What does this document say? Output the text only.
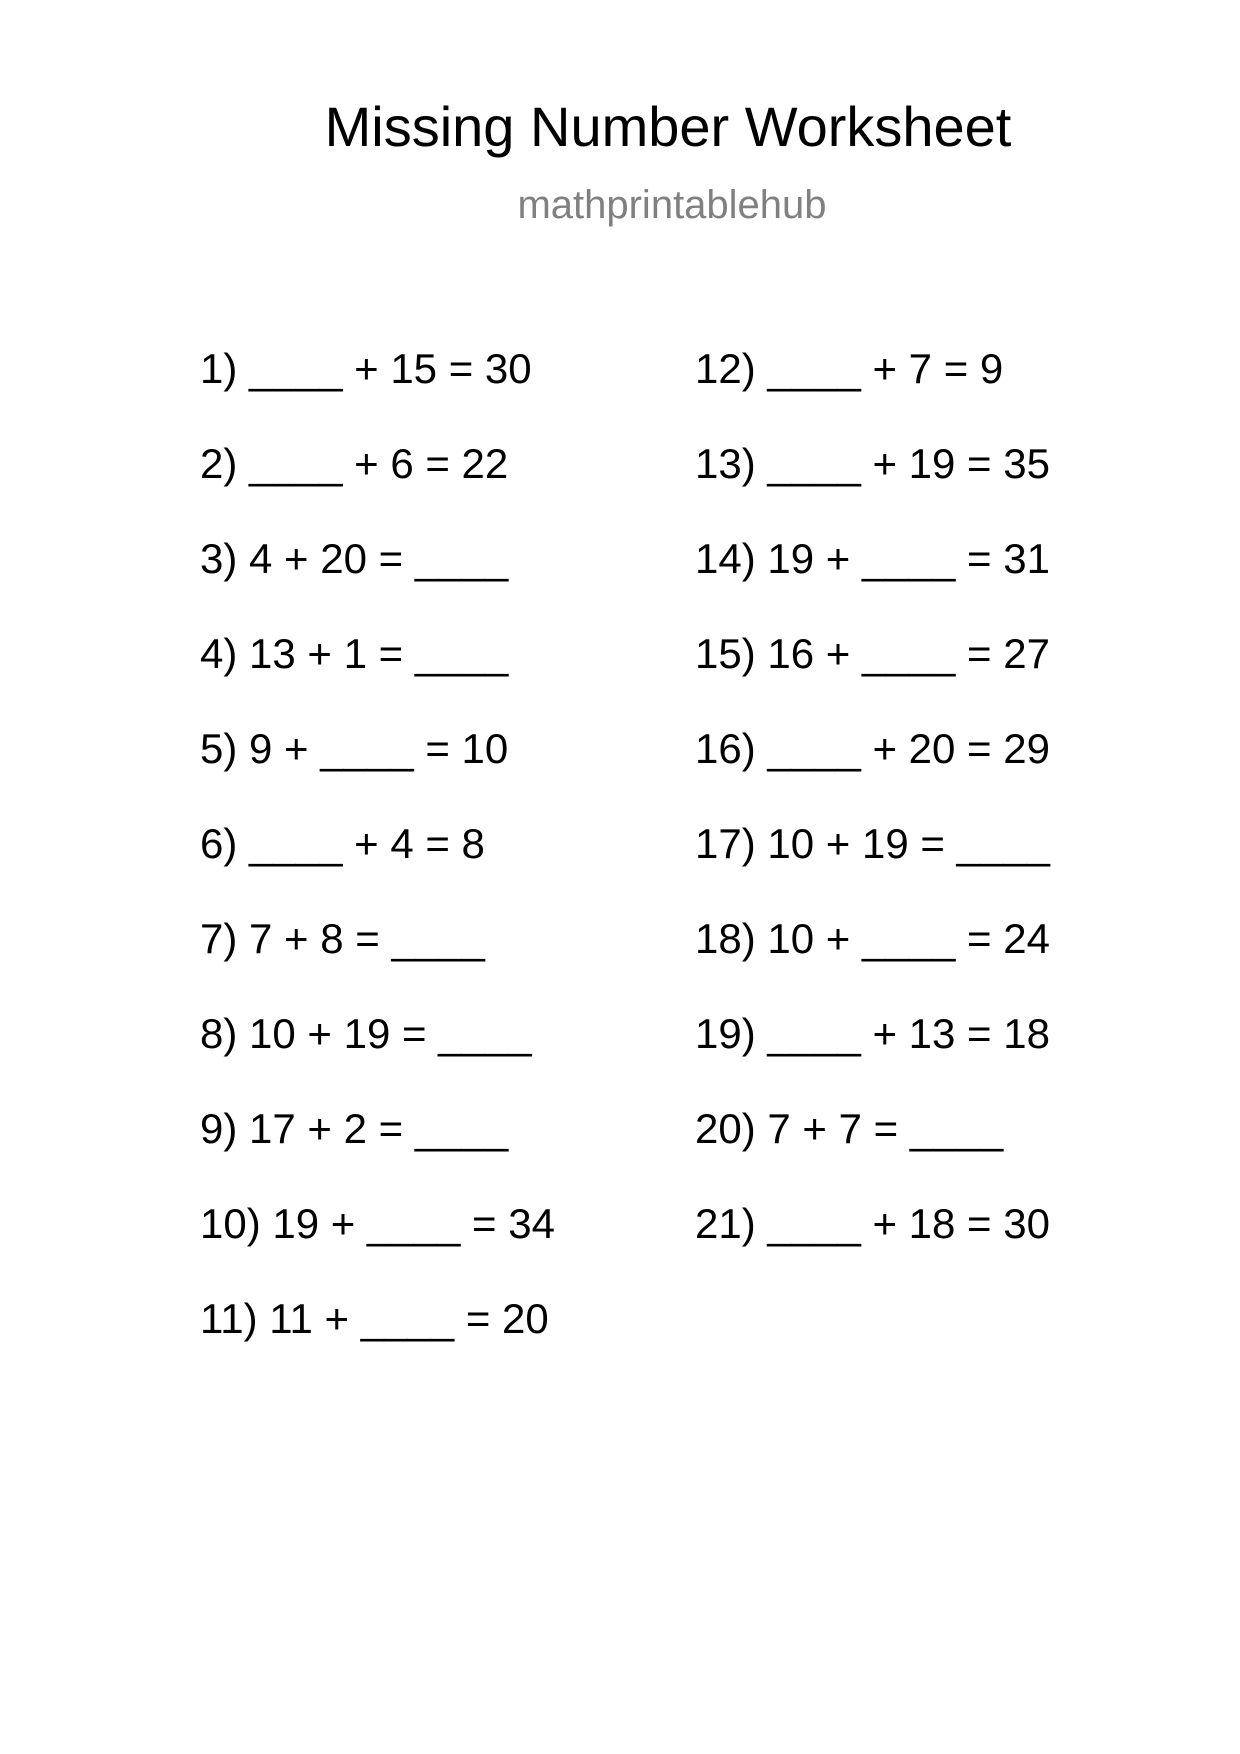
Missing Number Worksheet
mathprintablehub
1) ____ + 15 = 30
2) ____ + 6 = 22
3) 4 + 20 = ____
4) 13 + 1 = ____
5) 9 + ____ = 10
6) ____ + 4 = 8
7) 7 + 8 = ____
8) 10 + 19 = ____
9) 17 + 2 = ____
10) 19 + ____ = 34
11) 11 + ____ = 20
12) ____ + 7 = 9
13) ____ + 19 = 35
14) 19 + ____ = 31
15) 16 + ____ = 27
16) ____ + 20 = 29
17) 10 + 19 = ____
18) 10 + ____ = 24
19) ____ + 13 = 18
20) 7 + 7 = ____
21) ____ + 18 = 30
